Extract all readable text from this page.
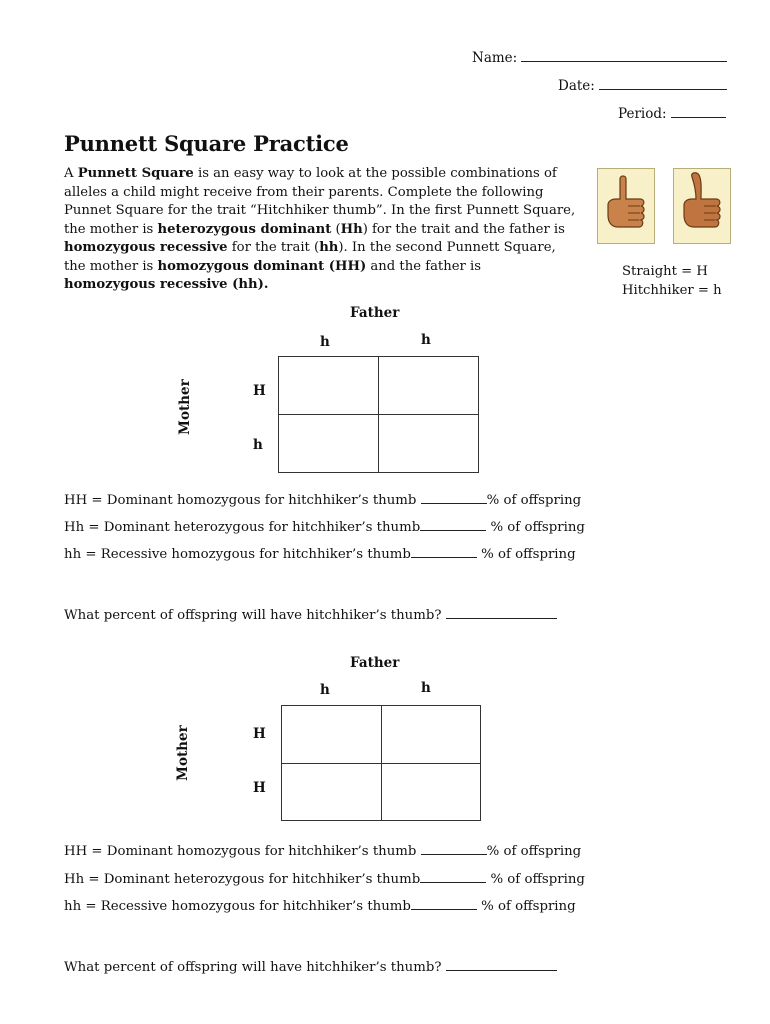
Name:
Date:
Period:
Punnett Square Practice
A Punnett Square is an easy way to look at the possible combinations of alleles a child might receive from their parents. Complete the following Punnet Square for the trait “Hitchhiker thumb”. In the first Punnett Square, the mother is heterozygous dominant (Hh) for the trait and the father is homozygous recessive for the trait (hh). In the second Punnett Square, the mother is homozygous dominant (HH) and the father is homozygous recessive (hh).
Straight = H
Hitchhiker = h
Father
h	h
Mother	H
h
HH = Dominant homozygous for hitchhiker’s thumb	% of offspring
Hh = Dominant heterozygous for hitchhiker’s thumb	% of offspring
hh = Recessive homozygous for hitchhiker’s thumb	% of offspring
What percent of offspring will have hitchhiker’s thumb?
Father
h	h
Mother	H
H
HH = Dominant homozygous for hitchhiker’s thumb	% of offspring
Hh = Dominant heterozygous for hitchhiker’s thumb	% of offspring
hh = Recessive homozygous for hitchhiker’s thumb	% of offspring
What percent of offspring will have hitchhiker’s thumb?
